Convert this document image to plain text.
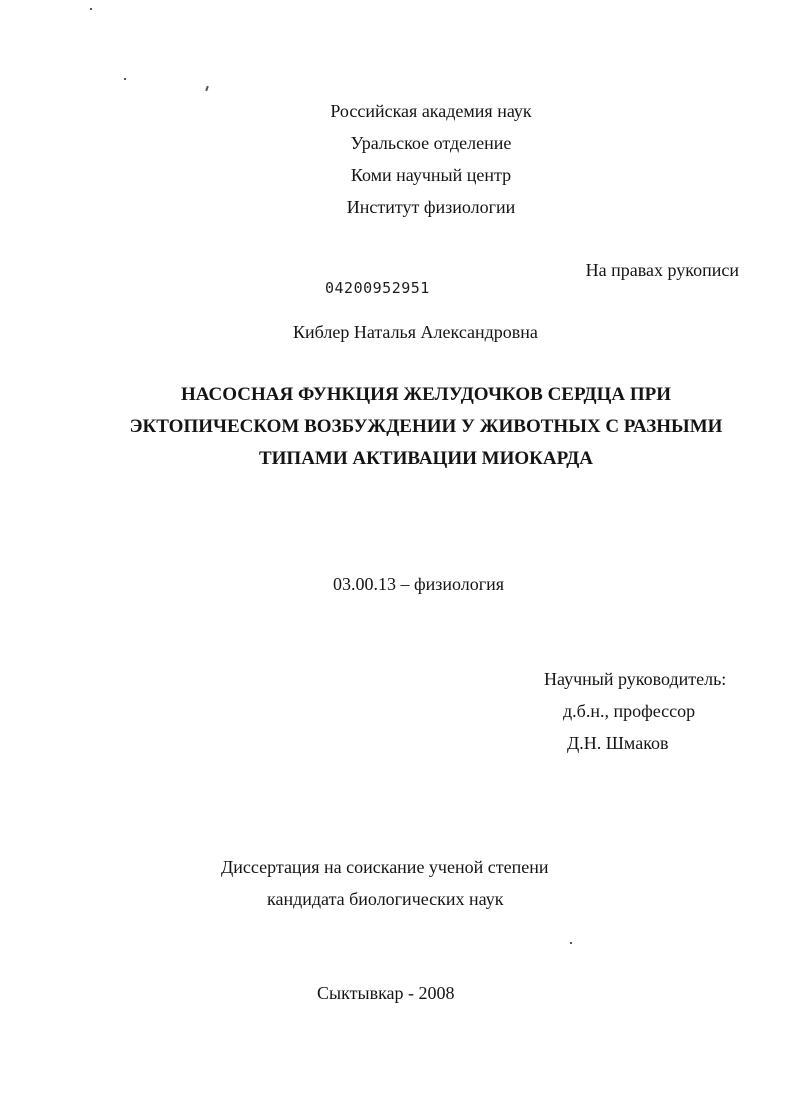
Российская академия наук
Уральское отделение
Коми научный центр
Институт физиологии
На правах рукописи
04200952951
Киблер Наталья Александровна
НАСОСНАЯ ФУНКЦИЯ ЖЕЛУДОЧКОВ СЕРДЦА ПРИ
ЭКТОПИЧЕСКОМ ВОЗБУЖДЕНИИ У ЖИВОТНЫХ С РАЗНЫМИ
ТИПАМИ АКТИВАЦИИ МИОКАРДА
03.00.13 – физиология
Научный руководитель:
д.б.н., профессор
Д.Н. Шмаков
Диссертация на соискание ученой степени
кандидата биологических наук
Сыктывкар - 2008
